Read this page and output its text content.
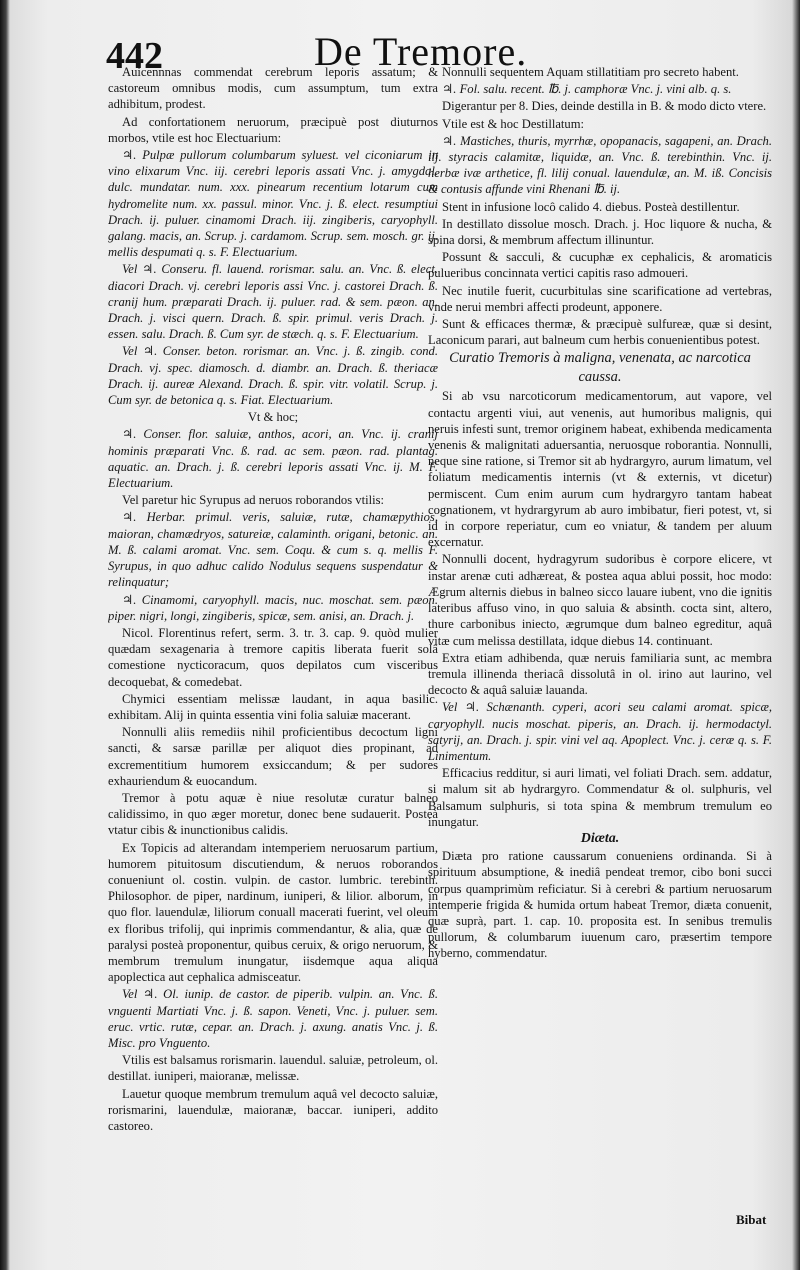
442	De Tremore.

Auicennnas commendat cerebrum leporis assatum; & castoreum omnibus modis, cum assumptum, tum extra adhibitum, prodest.

Ad confortationem neruorum, præcipuè post diuturnos morbos, vtile est hoc Electuarium:

♃. Pulpæ pullorum columbarum syluest. vel ciconiarum in vino elixarum Vnc. iij. cerebri leporis assati Vnc. j. amygdal. dulc. mundatar. num. xxx. pinearum recentium lotarum cum hydromelite num. xx. passul. minor. Vnc. j. ß. elect. resumptiui Drach. ij. puluer. cinamomi Drach. iij. zingiberis, caryophyll. galang. macis, an. Scrup. j. cardamom. Scrup. sem. mosch. gr. ij. mellis despumati q. s. F. Electuarium.

Vel ♃. Conseru. fl. lauend. rorismar. salu. an. Vnc. ß. elect. diacori Drach. vj. cerebri leporis assi Vnc. j. castorei Drach. ß. cranij hum. præparati Drach. ij. puluer. rad. & sem. pæon. an. Drach. j. visci quern. Drach. ß. spir. primul. veris Drach. j. essen. salu. Drach. ß. Cum syr. de stæch. q. s. F. Electuarium.

Vel ♃. Conser. beton. rorismar. an. Vnc. j. ß. zingib. cond. Drach. vj. spec. diamosch. d. diambr. an. Drach. ß. theriacæ Drach. ij. aureæ Alexand. Drach. ß. spir. vitr. volatil. Scrup. j. Cum syr. de betonica q. s. Fiat. Electuarium.

Vt & hoc;

♃. Conser. flor. saluiæ, anthos, acori, an. Vnc. ij. cranij hominis præparati Vnc. ß. rad. ac sem. pæon. rad. plantag. aquatic. an. Drach. j. ß. cerebri leporis assati Vnc. ij. M. F. Electuarium.

Vel paretur hic Syrupus ad neruos roborandos vtilis:

♃. Herbar. primul. veris, saluiæ, rutæ, chamæpythios, maioran, chamædryos, satureiæ, calaminth. origani, betonic. an. M. ß. calami aromat. Vnc. sem. Coqu. & cum s. q. mellis F. Syrupus, in quo adhuc calido Nodulus sequens suspendatur & relinquatur;

♃. Cinamomi, caryophyll. macis, nuc. moschat. sem. pæon. piper. nigri, longi, zingiberis, spicæ, sem. anisi, an. Drach. j.

Nicol. Florentinus refert, serm. 3. tr. 3. cap. 9. quòd mulier quædam sexagenaria à tremore capitis liberata fuerit solâ comestione nycticoracum, quos depilatos cum visceribus decoquebat, & comedebat.

Chymici essentiam melissæ laudant, in aqua basilic. exhibitam. Alij in quinta essentia vini folia saluiæ macerant.

Nonnulli aliis remediis nihil proficientibus decoctum ligni sancti, & sarsæ parillæ per aliquot dies propinant, ad excrementitium humorem exsiccandum; & per sudores exhauriendum & euocandum.

Tremor à potu aquæ è niue resolutæ curatur balneo calidissimo, in quo æger moretur, donec bene sudauerit. Posteà vtatur cibis & inunctionibus calidis.

Ex Topicis ad alterandam intemperiem neruosarum partium, humorem pituitosum discutiendum, & neruos roborandos conueniunt ol. costin. vulpin. de castor. lumbric. terebinth. Philosophor. de piper, nardinum, iuniperi, & lilior. alborum, in quo flor. lauendulæ, liliorum conuall macerati fuerint, vel oleum ex floribus trifolij, qui inprimis commendantur, & alia, quæ de paralysi posteà proponentur, quibus ceruix, & origo neruorum, & membrum tremulum inungatur, iisdemque aqua aliqua apoplectica aut cephalica admisceatur.

Vel ♃. Ol. iunip. de castor. de piperib. vulpin. an. Vnc. ß. vnguenti Martiati Vnc. j. ß. sapon. Veneti, Vnc. j. puluer. sem. eruc. vrtic. rutæ, cepar. an. Drach. j. axung. anatis Vnc. j. ß. Misc. pro Vnguento.

Vtilis est balsamus rorismarin. lauendul. saluiæ, petroleum, ol. destillat. iuniperi, maioranæ, melissæ.

Lauetur quoque membrum tremulum aquâ vel decocto saluiæ, rorismarini, lauendulæ, maioranæ, baccar. iuniperi, addito castoreo.

Nonnulli sequentem Aquam stillatitiam pro secreto habent.

♃. Fol. salu. recent. ℔. j. camphoræ Vnc. j. vini alb. q. s.

Digerantur per 8. Dies, deinde destilla in B. & modo dicto vtere.

Vtile est & hoc Destillatum:

♃. Mastiches, thuris, myrrhæ, opopanacis, sagapeni, an. Drach. iij. styracis calamitæ, liquidæ, an. Vnc. ß. terebinthin. Vnc. ij. herbæ ivæ arthetice, fl. lilij conual. lauendulæ, an. M. iß. Concisis & contusis affunde vini Rhenani ℔. ij.

Stent in infusione locô calido 4. diebus. Posteà destillentur.

In destillato dissolue mosch. Drach. j. Hoc liquore & nucha, & spina dorsi, & membrum affectum illinuntur.

Possunt & sacculi, & cucuphæ ex cephalicis, & aromaticis pulueribus concinnata vertici capitis raso admoueri.

Nec inutile fuerit, cucurbitulas sine scarificatione ad vertebras, vnde nerui membri affecti prodeunt, apponere.

Sunt & efficaces thermæ, & præcipuè sulfureæ, quæ si desint, Laconicum parari, aut balneum cum herbis conuenientibus potest.

Curatio Tremoris à maligna, venenata, ac narcotica caussa.

Si ab vsu narcoticorum medicamentorum, aut vapore, vel contactu argenti viui, aut venenis, aut humoribus malignis, qui neruis infesti sunt, tremor originem habeat, exhibenda medicamenta venenis & malignitati aduersantia, neruosque roborantia. Nonnulli, neque sine ratione, si Tremor sit ab hydrargyro, aurum limatum, vel foliatum medicamentis internis (vt & externis, vt dicetur) permiscent. Cum enim aurum cum hydrargyro tantam habeat cognationem, vt hydrargyrum ab auro imbibatur, fieri potest, vt, si id in corpore reperiatur, cum eo vniatur, & tandem per aluum excernatur.

Nonnulli docent, hydragyrum sudoribus è corpore elicere, vt instar arenæ cuti adhæreat, & postea aqua ablui possit, hoc modo: Ægrum alternis diebus in balneo sicco lauare iubent, vno die ignitis lateribus affuso vino, in quo saluia & absinth. cocta sint, altero, thure carbonibus iniecto, ægrumque dum balneo egreditur, aquâ vitæ cum melissa destillata, idque diebus 14. continuant.

Extra etiam adhibenda, quæ neruis familiaria sunt, ac membra tremula illinenda theriacâ dissolutâ in ol. irino aut laurino, vel decocto & aquâ saluiæ lauanda.

Vel ♃. Schænanth. cyperi, acori seu calami aromat. spicæ, caryophyll. nucis moschat. piperis, an. Drach. ij. hermodactyl. satyrij, an. Drach. j. spir. vini vel aq. Apoplect. Vnc. j. ceræ q. s. F. Linimentum.

Efficacius redditur, si auri limati, vel foliati Drach. sem. addatur, si malum sit ab hydrargyro. Commendatur & ol. sulphuris, vel Balsamum sulphuris, si tota spina & membrum tremulum eo inungatur.

Diæta.

Diæta pro ratione caussarum conueniens ordinanda. Si à spirituum absumptione, & inediâ pendeat tremor, cibo boni succi corpus quamprimùm reficiatur. Si à cerebri & partium neruosarum intemperie frigida & humida ortum habeat Tremor, diæta conuenit, quæ suprà, part. 1. cap. 10. proposita est. In senibus tremulis pullorum, & columbarum iuuenum caro, præsertim tempore hyberno, commendatur.

Bibat
